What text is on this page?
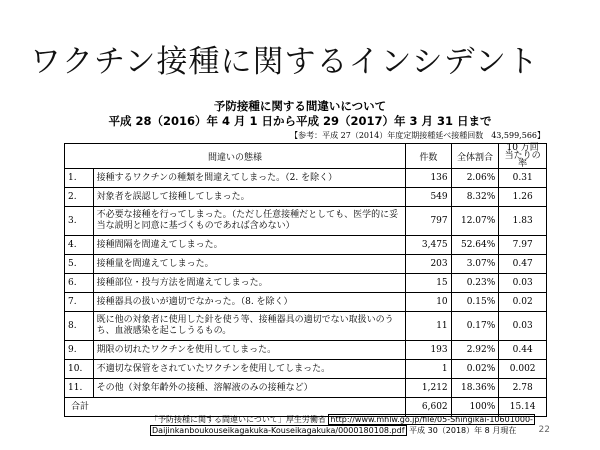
ワクチン接種に関するインシデント
予防接種に関する間違いについて
平成 28（2016）年 4 月 1 日から平成 29（2017）年 3 月 31 日まで
【参考：平成 27（2014）年度定期接種延べ接種回数　43,599,566】
間違いの態様		件数	全体割合	10 万回
当たりの率
1.	接種するワクチンの種類を間違えてしまった。（2. を除く）	136	2.06%	0.31
2.	対象者を誤認して接種してしまった。	549	8.32%	1.26
3.	不必要な接種を行ってしまった。（ただし任意接種だとしても、医学的に妥当な説明と同意に基づくものであれば含めない）	797	12.07%	1.83
4.	接種間隔を間違えてしまった。	3,475	52.64%	7.97
5.	接種量を間違えてしまった。	203	3.07%	0.47
6.	接種部位・投与方法を間違えてしまった。	15	0.23%	0.03
7.	接種器具の扱いが適切でなかった。（8. を除く）	10	0.15%	0.02
8.	既に他の対象者に使用した針を使う等、接種器具の適切でない取扱いのうち、血液感染を起こしうるもの。	11	0.17%	0.03
9.	期限の切れたワクチンを使用してしまった。	193	2.92%	0.44
10.	不適切な保管をされていたワクチンを使用してしまった。	1	0.02%	0.002
11.	その他（対象年齢外の接種、溶解液のみの接種など）	1,212	18.36%	2.78
合計		6,602	100%	15.14
「予防接種に関する間違いについて」厚生労働省 http://www.mhlw.go.jp/file/05-Shingikai-10601000-
Daijinkanboukouseikagakuka-Kouseikagakuka/0000180108.pdf 平成 30（2018）年 8 月現在	22
